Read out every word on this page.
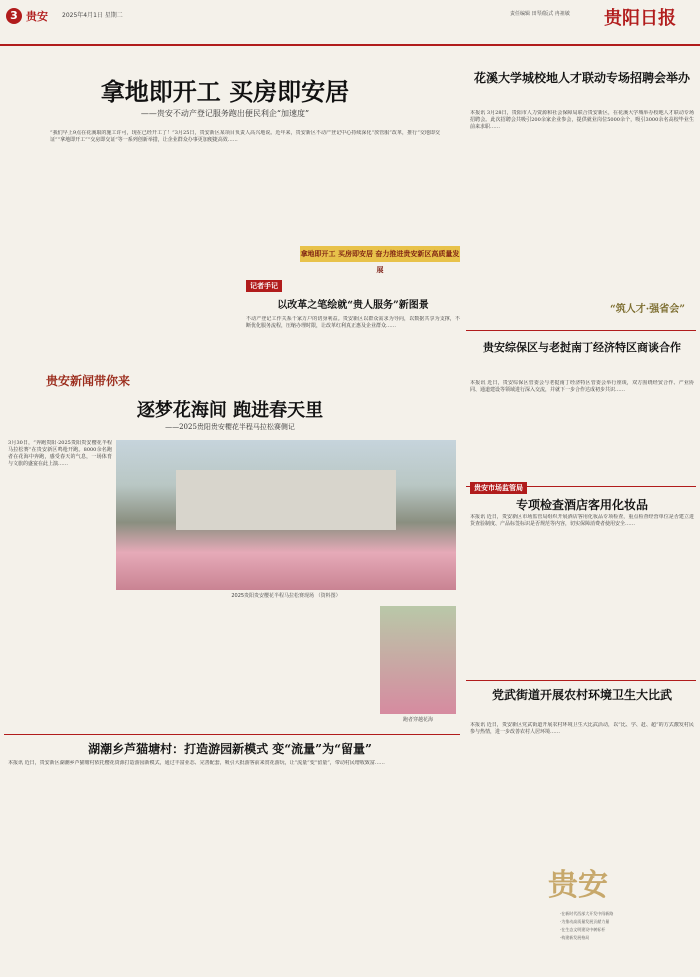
3 贵安 2025年4月1日 星期二	责任编辑 田琴/版式 冉祖敏 贵阳日报
拿地即开工 买房即安居
——贵安不动产登记服务跑出便民利企“加速度”
“我们早上9点在花溪取的施工许可，现在已经开工了！”3月25日，贵安新区某项目负责人高兴地说。近年来，贵安新区不动产登记中心持续深化“放管服”改革，推行“交地即交证”“拿地即开工”“交房即交证”等一系列创新举措，让企业群众办事更加便捷高效……
拿地即开工 买房即安居 奋力推进贵安新区高质量发展
记者手记
以改革之笔绘就“贵人服务”新图景
不动产登记工作关系千家万户的切身利益。贵安新区以群众需求为导向，以数据共享为支撑，不断优化服务流程，压缩办理时限，让改革红利真正惠及企业群众……
花溪大学城校地人才联动专场招聘会举办
本报讯 3月28日，贵阳市人力资源和社会保障局联合贵安新区，在花溪大学城举办校地人才联动专场招聘会。此次招聘会共吸引200余家企业参会，提供就业岗位5000余个，吸引3000余名高校毕业生前来求职……
“筑人才·强省会”
贵安综保区与老挝南丁经济特区商谈合作
本报讯 近日，贵安综保区管委会与老挝南丁经济特区管委会举行座谈，双方围绕经贸合作、产业协同、通道建设等领域进行深入交流，并就下一步合作达成初步共识……
贵安市场监管局
专项检查酒店客用化妆品
本报讯 近日，贵安新区市场监管局组织开展酒店客用化妆品专项检查，重点检查经营单位是否建立进货查验制度、产品标签标识是否规范等内容，切实保障消费者使用安全……
党武街道开展农村环境卫生大比武
本报讯 近日，贵安新区党武街道开展农村环境卫生大比武活动，以“比、学、赶、超”的方式激发村民参与热情，进一步改善农村人居环境……
贵安新闻带你来
逐梦花海间 跑进春天里
——2025贵阳贵安樱花半程马拉松赛侧记
3月30日，“奔跑贵阳·2025贵阳贵安樱花半程马拉松赛”在贵安新区鸣枪开跑。8000余名跑者在花海中奔跑，感受春天的气息，一场体育与文旅的盛宴在此上演……
2025贵阳贵安樱花半程马拉松赛现场 （资料图）
跑者穿越花海
湖潮乡芦猫塘村：打造游园新模式 变“流量”为“留量”
本报讯 近日，贵安新区湖潮乡芦猫塘村依托樱花资源打造游园新模式，通过丰富业态、完善配套，吸引大批游客前来赏花游玩，让“流量”变“留量”，带动村民增收致富……
贵安
·在新时代西部大开发中闯新路
·为推动高质量发展贡献力量
·在生态文明建设中树标杆
·构建新发展格局
